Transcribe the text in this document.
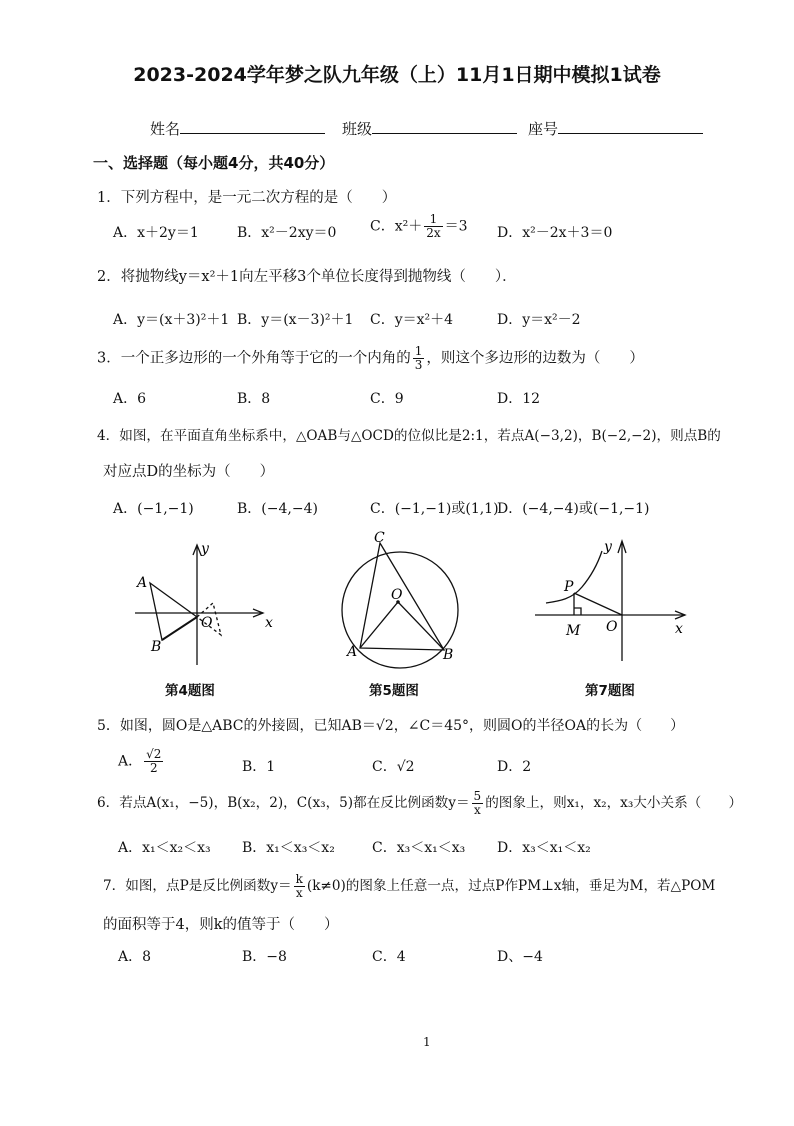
2023-2024学年梦之队九年级（上）11月1日期中模拟1试卷
姓名	班级	座号
一、选择题（每小题4分，共40分）
1．下列方程中，是一元二次方程的是（　　）
A．x＋2y＝1	B．x²－2xy＝0 C．$x^2+ \frac{1}{2x} =3$ D．x²－2x＋3＝0
2．将抛物线y＝x²＋1向左平移3个单位长度得到抛物线（　　）．
A．y＝(x＋3)²＋1 B．y＝(x－3)²＋1 C．y＝x²＋4	D．y＝x²－2
3．一个正多边形的一个外角等于它的一个内角的 $\frac{1}{3}$ ，则这个多边形的边数为（　　）
A．6	B．8	C．9	D．12
4．如图，在平面直角坐标系中，△OAB与△OCD的位似比是2:1，若点A(−3,2)，B(−2,−2)，则点B的
对应点D的坐标为（　　）
A．(−1,−1)	B．(−4,−4)	C．(−1,−1)或(1,1)
D．(−4,−4)或(−1,−1)
A
B
O
y
x
第4题图
C
O
A	B
第5题图
P
M O
y
x
第7题图
5．如图，圆O是△ABC的外接圆，已知AB＝√2，∠C＝45°，则圆O的半径OA的长为（　　）
A． $\frac{√2}{2}$	B．1	C．√2	D．2
6．若点A(x₁，−5)，B(x₂，2)，C(x₃，5)都在反比例函数$y= \frac{5}{x}$ 的图象上，则x₁，x₂，x₃大小关系（　　）
A．x₁＜x₂＜x₃ B．x₁＜x₃＜x₂	C．x₃＜x₁＜x₃ D．x₃＜x₁＜x₂
7．如图，点P是反比例函数$y= \frac{k}{x} (k\ne 0)$的图象上任意一点，过点P作PM⊥x轴，垂足为M，若△POM
的面积等于4，则k的值等于（　　）
A．8	B．−8	C．4	D、−4
1
